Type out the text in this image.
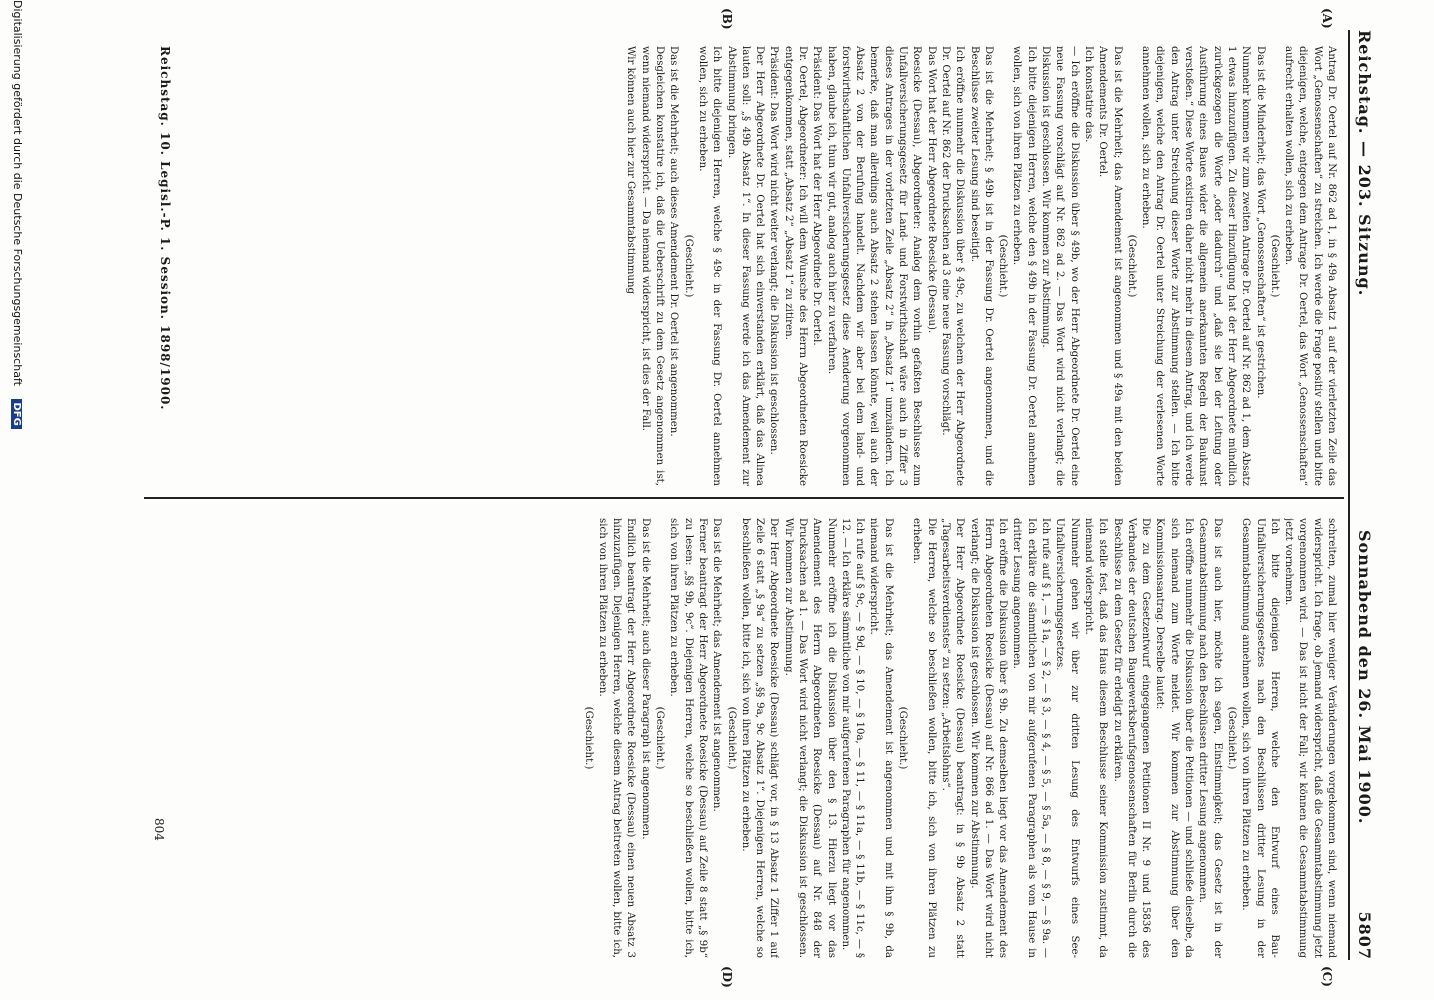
Reichstag. — 203. Sitzung.
Sonnabend den 26. Mai 1900.
5807
(A)
(B)
(C)
(D)

Antrag Dr. Oertel auf Nr. 862 ad 1, in § 49a Absatz 1 auf der vierletzten Zeile das Wort „Genossenschaften“ zu streichen. Ich werde die Frage positiv stellen und bitte diejenigen, welche, entgegen dem Antrage Dr. Oertel, das Wort „Genossenschaften“ aufrecht erhalten wollen, sich zu erheben.

(Geschieht.)

Das ist die Minderheit; das Wort „Genossenschaften“ ist gestrichen.

Nunmehr kommen wir zum zweiten Antrage Dr. Oertel auf Nr. 862 ad 1, dem Absatz 1 etwas hinzuzufügen. Zu dieser Hinzufügung hat der Herr Abgeordnete mündlich zurückgezogen die Worte „oder dadurch“ und „daß sie bei der Leitung oder Ausführung eines Baues wider die allgemein anerkannten Regeln der Baukunst verstoßen.“ Diese Worte existiren daher nicht mehr in diesem Antrag, und ich werde den Antrag unter Streichung dieser Worte zur Abstimmung stellen. — Ich bitte diejenigen, welche den Antrag Dr. Oertel unter Streichung der verlesenen Worte annehmen wollen, sich zu erheben.

(Geschieht.)

Das ist die Mehrheit; das Amendement ist angenommen und § 49a mit den beiden Amendements Dr. Oertel.

Ich konstatire das.

— Ich eröffne die Diskussion über § 49b, wo der Herr Abgeordnete Dr. Oertel eine neue Fassung vorschlägt auf Nr. 862 ad 2. — Das Wort wird nicht verlangt; die Diskussion ist geschlossen. Wir kommen zur Abstimmung.

Ich bitte diejenigen Herren, welche den § 49b in der Fassung Dr. Oertel annehmen wollen, sich von ihren Plätzen zu erheben.

(Geschieht.)

Das ist die Mehrheit; § 49b ist in der Fassung Dr. Oertel angenommen, und die Beschlüsse zweiter Lesung sind beseitigt.

Ich eröffne nunmehr die Diskussion über § 49c, zu welchem der Herr Abgeordnete Dr. Oertel auf Nr. 862 der Drucksachen ad 3 eine neue Fassung vorschlägt.

Das Wort hat der Herr Abgeordnete Roesicke (Dessau).

Roesicke (Dessau), Abgeordneter: Analog dem vorhin gefaßten Beschlusse zum Unfallversicherungsgesetz für Land- und Forstwirthschaft wäre auch in Ziffer 3 dieses Antrages in der vorletzten Zeile „Absatz 2“ in „Absatz 1“ umzuändern. Ich bemerke, daß man allerdings auch Absatz 2 stehen lassen könnte, weil auch der Absatz 2 von der Berufung handelt. Nachdem wir aber bei dem land- und forstwirthschaftlichen Unfallversicherungsgesetz diese Aenderung vorgenommen haben, glaube ich, thun wir gut, analog auch hier zu verfahren.

Präsident: Das Wort hat der Herr Abgeordnete Dr. Oertel.

Dr. Oertel, Abgeordneter: Ich will dem Wunsche des Herrn Abgeordneten Roesicke entgegenkommen, statt „Absatz 2“ „Absatz 1“ zu zitiren.

Präsident: Das Wort wird nicht weiter verlangt; die Diskussion ist geschlossen.

Der Herr Abgeordnete Dr. Oertel hat sich einverstanden erklärt, daß das Alinea lauten soll: „§ 49b Absatz 1“. In dieser Fassung werde ich das Amendement zur Abstimmung bringen.

Ich bitte diejenigen Herren, welche § 49c in der Fassung Dr. Oertel annehmen wollen, sich zu erheben.

(Geschieht.)

Das ist die Mehrheit; auch dieses Amendement Dr. Oertel ist angenommen.

Desgleichen konstatire ich, daß die Ueberschrift zu dem Gesetz angenommen ist, wenn niemand widerspricht. — Da niemand widerspricht, ist dies der Fall.

Wir können auch hier zur Gesammtabstimmung

schreiten, zumal hier weniger Veränderungen vorgekommen sind, wenn niemand widerspricht. Ich frage, ob jemand widerspricht, daß die Gesammtabstimmung jetzt vorgenommen wird. — Das ist nicht der Fall; wir können die Gesammtabstimmung jetzt vornehmen.

Ich bitte diejenigen Herren, welche den Entwurf eines Bau-Unfallversicherungsgesetzes nach den Beschlüssen dritter Lesung in der Gesammtabstimmung annehmen wollen, sich von ihren Plätzen zu erheben.

(Geschieht.)

Das ist auch hier, möchte ich sagen, Einstimmigkeit; das Gesetz ist in der Gesammtabstimmung nach den Beschlüssen dritter Lesung angenommen.

Ich eröffne nunmehr die Diskussion über die Petitionen — und schließe dieselbe, da sich niemand zum Worte meldet. Wir kommen zur Abstimmung über den Kommissionsantrag. Derselbe lautet:

Die zu dem Gesetzentwurf eingegangenen Petitionen II Nr. 9 und 15836 des Verbandes der deutschen Baugewerksberufsgenossenschaften für Berlin durch die Beschlüsse zu dem Gesetz für erledigt zu erklären.

Ich stelle fest, daß das Haus diesem Beschlusse seiner Kommission zustimmt, da niemand widerspricht.

Nunmehr gehen wir über zur dritten Lesung des Entwurfs eines See-Unfallversicherungsgesetzes.

Ich rufe auf § 1, — § 1a, — § 2, — § 3, — § 4, — § 5, — § 5a, — § 8, — § 9, — § 9a. — Ich erkläre die sämmtlichen von mir aufgerufenen Paragraphen als vom Hause in dritter Lesung angenommen.

Ich eröffne die Diskussion über § 9b. Zu demselben liegt vor das Amendement des Herrn Abgeordneten Roesicke (Dessau) auf Nr. 866 ad 1. — Das Wort wird nicht verlangt; die Diskussion ist geschlossen. Wir kommen zur Abstimmung.

Der Herr Abgeordnete Roesicke (Dessau) beantragt: in § 9b Absatz 2 statt „Tagesarbeitsverdienstes“ zu setzen: „Arbeitslohns“.

Die Herren, welche so beschließen wollen, bitte ich, sich von ihren Plätzen zu erheben.

(Geschieht.)

Das ist die Mehrheit; das Amendement ist angenommen und mit ihm § 9b, da niemand widerspricht.

Ich rufe auf § 9c, — § 9d, — § 10, — § 10a, — § 11, — § 11a, — § 11b, — § 11c, — § 12. — Ich erkläre sämmtliche von mir aufgerufenen Paragraphen für angenommen.

Nunmehr eröffne ich die Diskussion über den § 13. Hierzu liegt vor das Amendement des Herrn Abgeordneten Roesicke (Dessau) auf Nr. 848 der Drucksachen ad 1. — Das Wort wird nicht verlangt; die Diskussion ist geschlossen. Wir kommen zur Abstimmung.

Der Herr Abgeordnete Roesicke (Dessau) schlägt vor, in § 13 Absatz 1 Ziffer 1 auf Zeile 6 statt „§ 9a“ zu setzen „§§ 9a, 9c Absatz 1“. Diejenigen Herren, welche so beschließen wollen, bitte ich, sich von ihren Plätzen zu erheben.

(Geschieht.)

Das ist die Mehrheit; das Amendement ist angenommen.

Ferner beantragt der Herr Abgeordnete Roesicke (Dessau) auf Zeile 8 statt „§ 9b“ zu lesen: „§§ 9b, 9c“. Diejenigen Herren, welche so beschließen wollen, bitte ich, sich von ihren Plätzen zu erheben.

(Geschieht.)

Das ist die Mehrheit; auch dieser Paragraph ist angenommen.

Endlich beantragt der Herr Abgeordnete Roesicke (Dessau) einen neuen Absatz 3 hinzuzufügen. Diejenigen Herren, welche diesem Antrag beitreten wollen, bitte ich, sich von ihren Plätzen zu erheben.

(Geschieht.)

Reichstag. 10. Legisl.-P. 1. Session. 1898/1900.
804
Digitalisierung gefördert durch die Deutsche Forschungsgemeinschaft DFG
